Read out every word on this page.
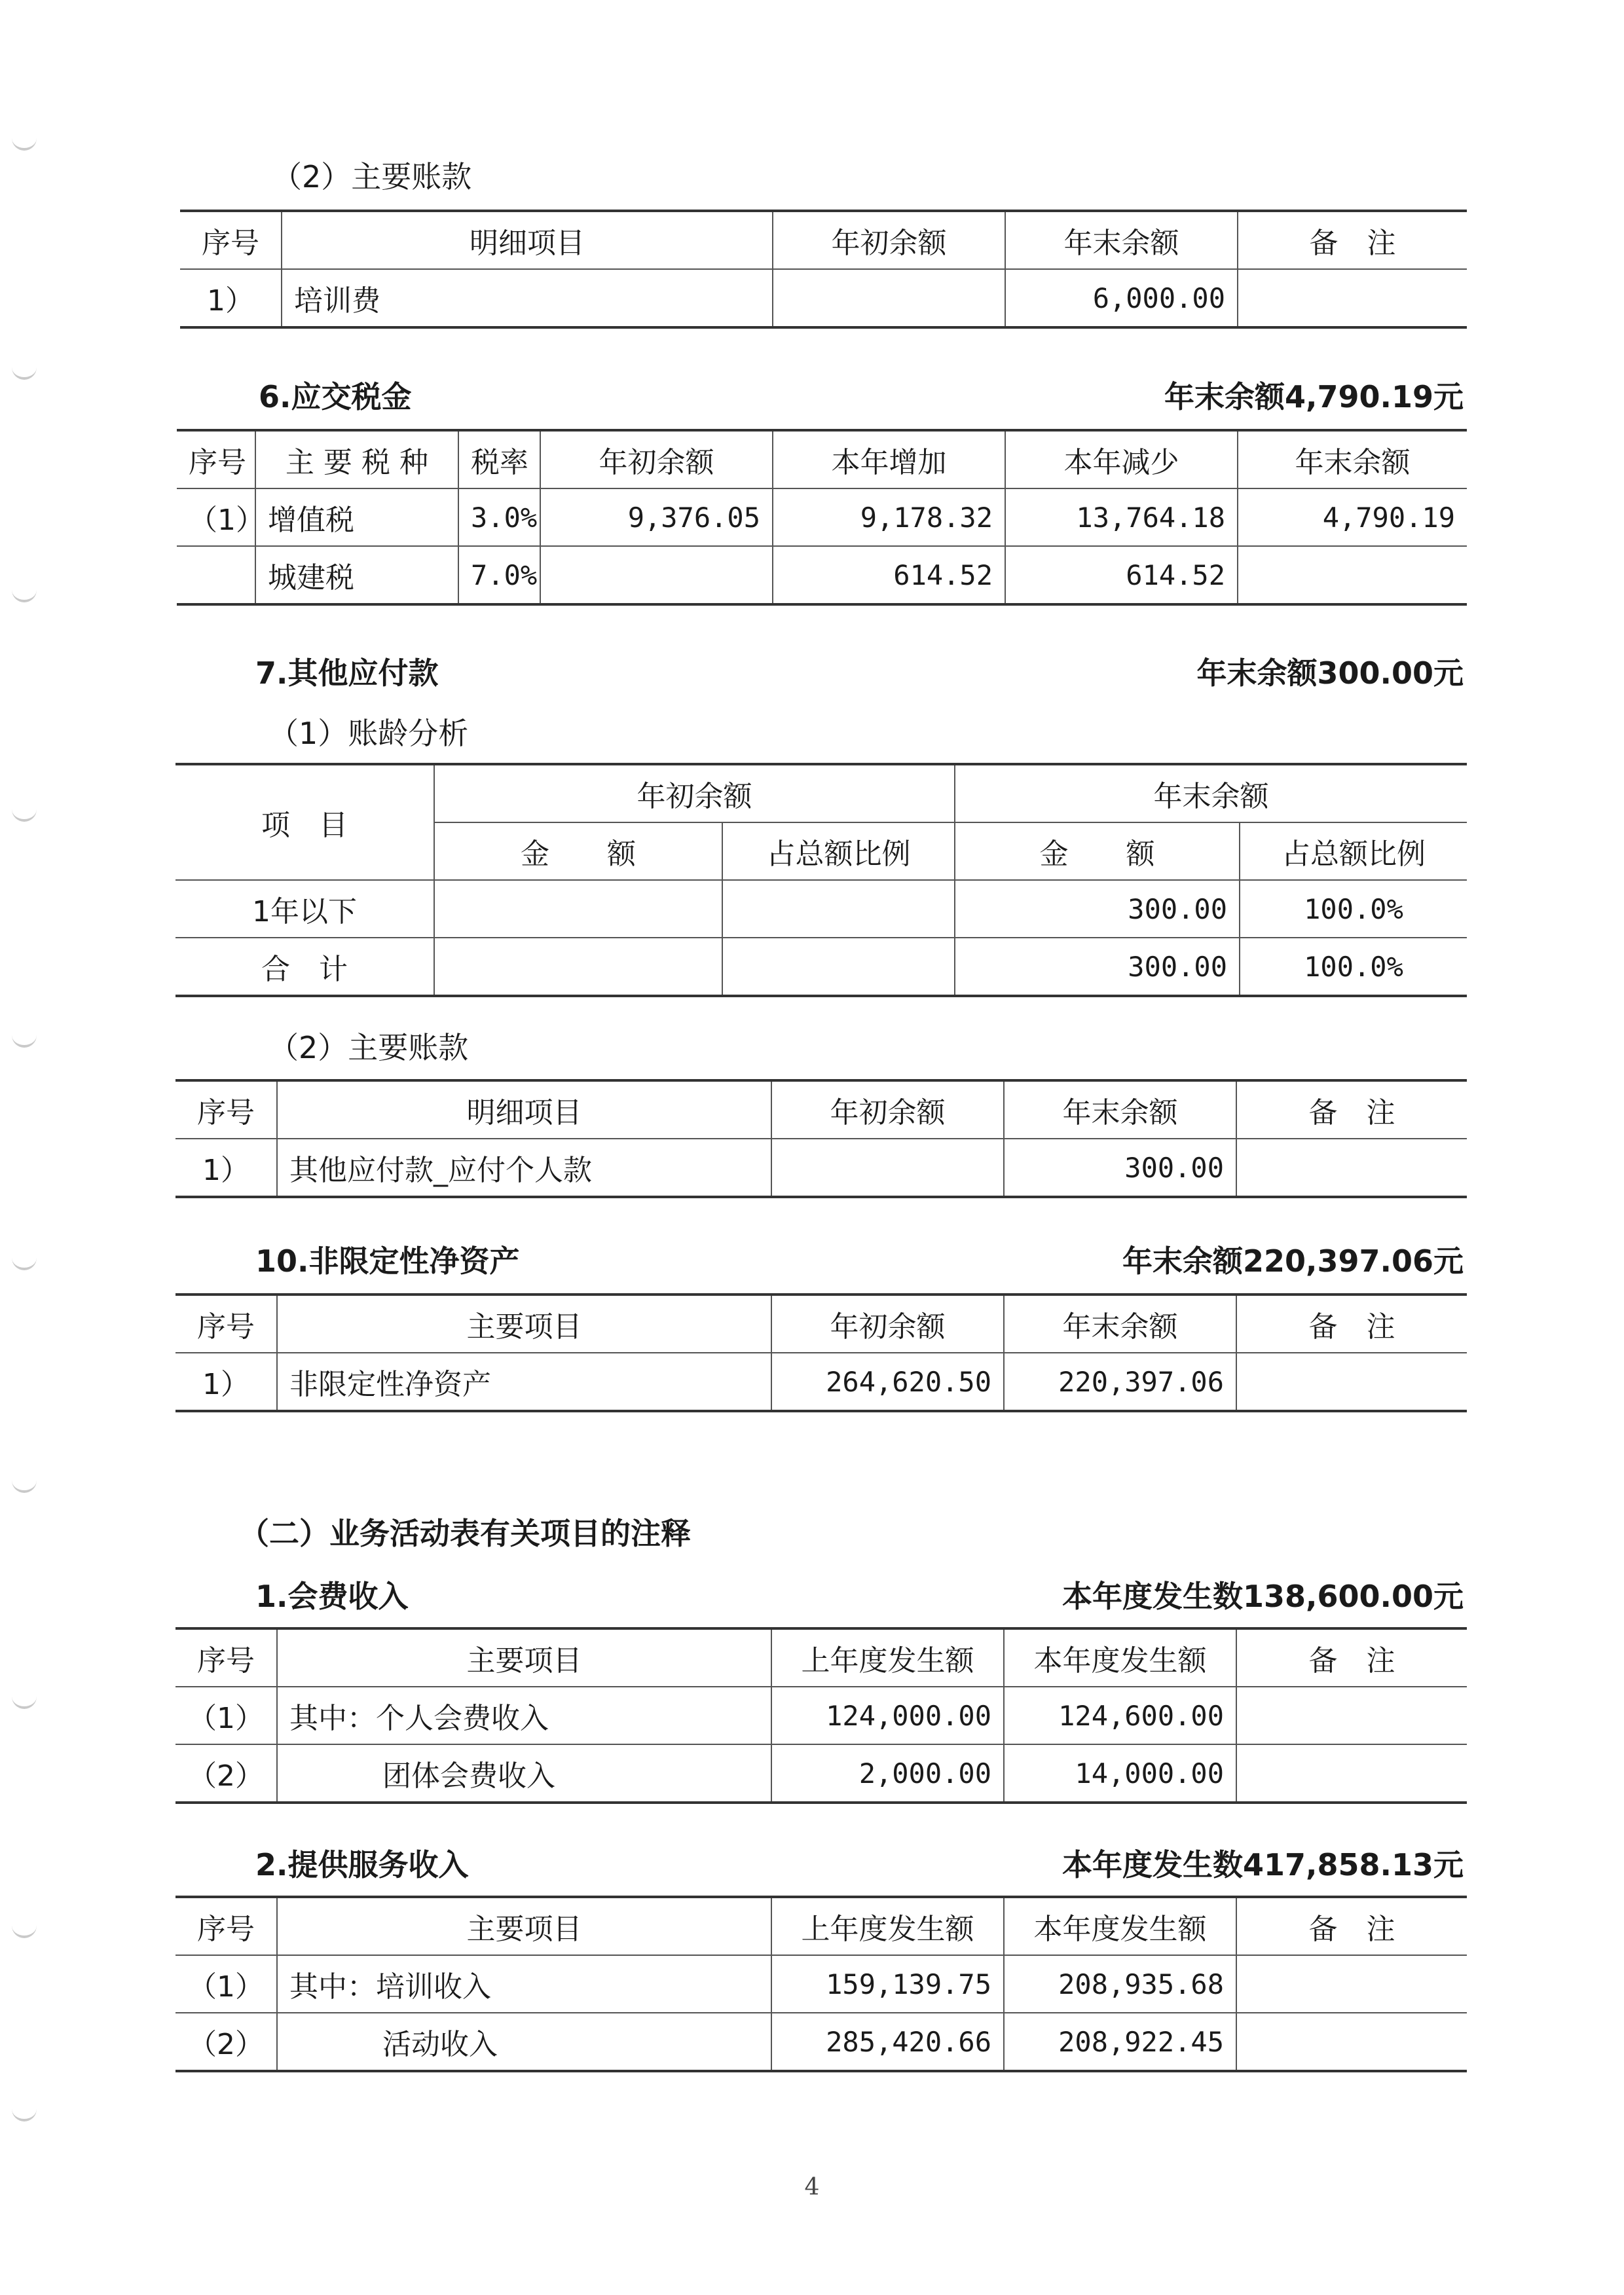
（2）主要账款
序号	明细项目	年初余额	年末余额	备　注
1）	培训费		6,000.00	
6.应交税金	年末余额4,790.19元
序号	主 要 税 种	税率	年初余额	本年增加	本年减少	年末余额
（1）	增值税	3.0%	9,376.05	9,178.32	13,764.18	4,790.19
	城建税	7.0%		614.52	614.52	
7.其他应付款	年末余额300.00元
（1）账龄分析
项　目	年初余额		年末余额	
	金　　额	占总额比例	金　　额	占总额比例
1年以下			300.00	100.0%
合　计			300.00	100.0%
（2）主要账款
序号	明细项目	年初余额	年末余额	备　注
1）	其他应付款_应付个人款		300.00	
10.非限定性净资产	年末余额220,397.06元
序号	主要项目	年初余额	年末余额	备　注
1）	非限定性净资产	264,620.50	220,397.06	
（二）业务活动表有关项目的注释
1.会费收入	本年度发生数138,600.00元
序号	主要项目	上年度发生额	本年度发生额	备　注
（1）	其中：个人会费收入	124,000.00	124,600.00	
（2）	团体会费收入	2,000.00	14,000.00	
2.提供服务收入	本年度发生数417,858.13元
序号	主要项目	上年度发生额	本年度发生额	备　注
（1）	其中：培训收入	159,139.75	208,935.68	
（2）	活动收入	285,420.66	208,922.45	
4
